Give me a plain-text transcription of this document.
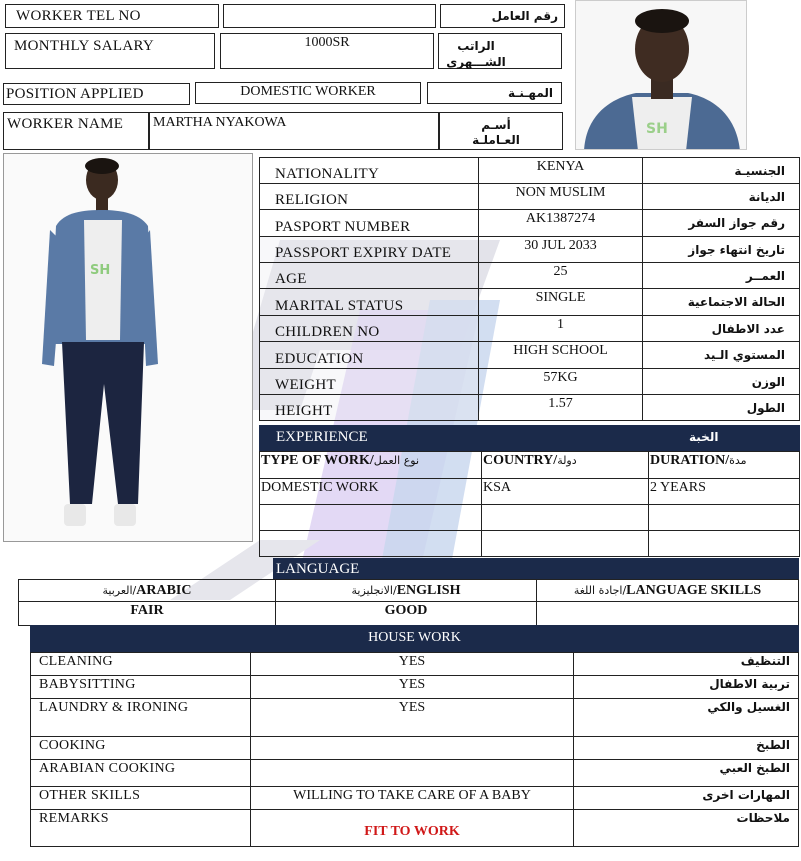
WORKER TEL NO	رقم العامل
MONTHLY SALARY	1000SR	الراتب الشـــهري
POSITION APPLIED	DOMESTIC WORKER	المهـنـة
WORKER NAME MARTHA NYAKOWA	أسـم العـاملـة
SH
SH
NATIONALITY	KENYA	الجنسيـة
RELIGION	NON MUSLIM	الديانة
PASPORT NUMBER	AK1387274	رقم جواز السفر
PASSPORT EXPIRY DATE	30 JUL 2033	تاريخ انتهاء جواز
AGE	25	العمــر
MARITAL STATUS	SINGLE	الحالة الاجتماعية
CHILDREN NO	1	عدد الاطفال
EDUCATION	HIGH SCHOOL	المستوي الـيد
WEIGHT	57KG	الوزن
HEIGHT	1.57	الطول
EXPERIENCE	الخبة
TYPE OF WORK/نوع العمل	COUNTRY/دولة	DURATION/مدة
DOMESTIC WORK	KSA	2 YEARS

LANGUAGE
العربية/ARABIC	الانجليزية/ENGLISH	اجادة اللغة/LANGUAGE SKILLS
FAIR	GOOD	
HOUSE WORK
CLEANING	YES	التنظيف
BABYSITTING	YES	تربية الاطفال
LAUNDRY & IRONING	YES	الغسيل والكي
COOKING		الطبخ
ARABIAN COOKING		الطبخ العبي
OTHER SKILLS	WILLING TO TAKE CARE OF A BABY	المهارات اخرى
REMARKS	FIT TO WORK	ملاحظات
